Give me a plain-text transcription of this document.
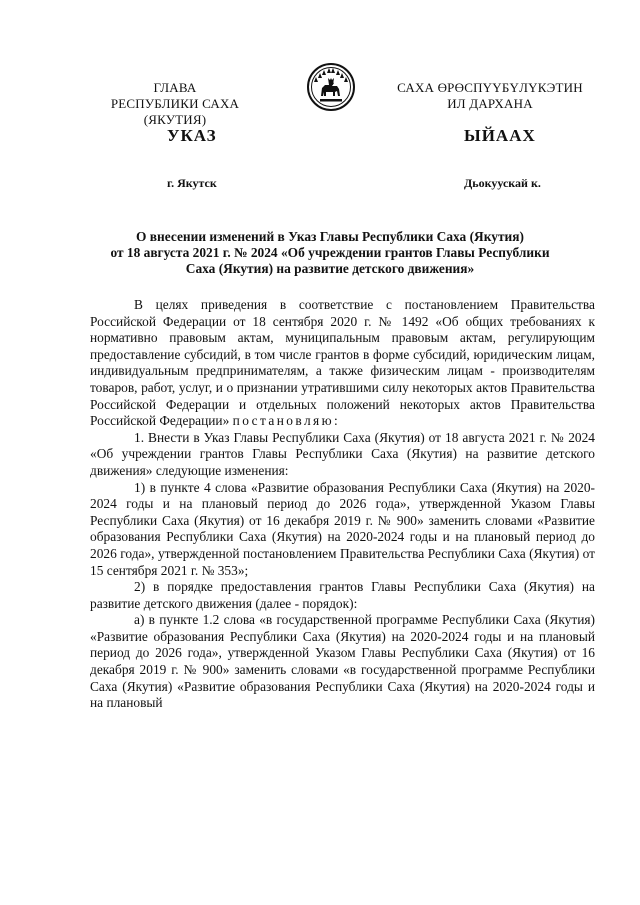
ГЛАВА
РЕСПУБЛИКИ САХА (ЯКУТИЯ)
САХА ӨРӨСПҮҮБҮЛҮКЭТИН
ИЛ ДАРХАНА
УКАЗ	ЫЙААХ
г. Якутск	Дьокуускай к.
О внесении изменений в Указ Главы Республики Саха (Якутия)
от 18 августа 2021 г. № 2024 «Об учреждении грантов Главы Республики
Саха (Якутия) на развитие детского движения»

В целях приведения в соответствие с постановлением Правительства Российской Федерации от 18 сентября 2020 г. № 1492 «Об общих требованиях к нормативно правовым актам, муниципальным правовым актам, регулирующим предоставление субсидий, в том числе грантов в форме субсидий, юридическим лицам, индивидуальным предпринимателям, а также физическим лицам - производителям товаров, работ, услуг, и о признании утратившими силу некоторых актов Правительства Российской Федерации и отдельных положений некоторых актов Правительства Российской Федерации» постановляю:

1. Внести в Указ Главы Республики Саха (Якутия) от 18 августа 2021 г. № 2024 «Об учреждении грантов Главы Республики Саха (Якутия) на развитие детского движения» следующие изменения:

1) в пункте 4 слова «Развитие образования Республики Саха (Якутия) на 2020-2024 годы и на плановый период до 2026 года», утвержденной Указом Главы Республики Саха (Якутия) от 16 декабря 2019 г. № 900» заменить словами «Развитие образования Республики Саха (Якутия) на 2020-2024 годы и на плановый период до 2026 года», утвержденной постановлением Правительства Республики Саха (Якутия) от 15 сентября 2021 г. № 353»;

2) в порядке предоставления грантов Главы Республики Саха (Якутия) на развитие детского движения (далее - порядок):

а) в пункте 1.2 слова «в государственной программе Республики Саха (Якутия) «Развитие образования Республики Саха (Якутия) на 2020-2024 годы и на плановый период до 2026 года», утвержденной Указом Главы Республики Саха (Якутия) от 16 декабря 2019 г. № 900» заменить словами «в государственной программе Республики Саха (Якутия) «Развитие образования Республики Саха (Якутия) на 2020-2024 годы и на плановый
